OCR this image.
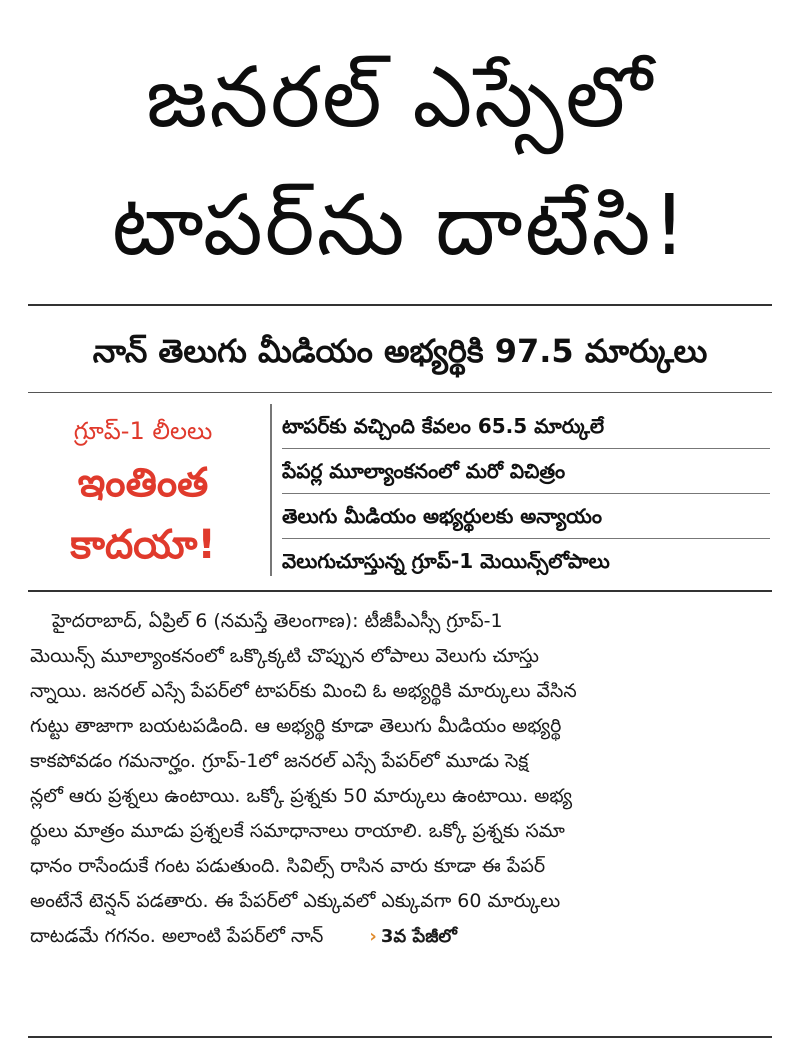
జనరల్ ఎస్సేలో
టాపర్‌ను దాటేసి!
నాన్ తెలుగు మీడియం అభ్యర్థికి 97.5 మార్కులు
గ్రూప్-1 లీలలు
ఇంతింత
కాదయా!
టాపర్‌కు వచ్చింది కేవలం 65.5 మార్కులే
పేపర్ల మూల్యాంకనంలో మరో విచిత్రం
తెలుగు మీడియం అభ్యర్థులకు అన్యాయం
వెలుగుచూస్తున్న గ్రూప్-1 మెయిన్స్‌లోపాలు
హైదరాబాద్, ఏప్రిల్ 6 (నమస్తే తెలంగాణ): టీజీపీఎస్సీ గ్రూప్-1
మెయిన్స్ మూల్యాంకనంలో ఒక్కొక్కటి చొప్పున లోపాలు వెలుగు చూస్తు
న్నాయి. జనరల్ ఎస్సే పేపర్‌లో టాపర్‌కు మించి ఓ అభ్యర్థికి మార్కులు వేసిన
గుట్టు తాజాగా బయటపడింది. ఆ అభ్యర్థి కూడా తెలుగు మీడియం అభ్యర్థి
కాకపోవడం గమనార్హం. గ్రూప్-1లో జనరల్ ఎస్సే పేపర్‌లో మూడు సెక్ష
న్లలో ఆరు ప్రశ్నలు ఉంటాయి. ఒక్కో ప్రశ్నకు 50 మార్కులు ఉంటాయి. అభ్య
ర్థులు మాత్రం మూడు ప్రశ్నలకే సమాధానాలు రాయాలి. ఒక్కో ప్రశ్నకు సమా
ధానం రాసేందుకే గంట పడుతుంది. సివిల్స్ రాసిన వారు కూడా ఈ పేపర్
అంటేనే టెన్షన్ పడతారు. ఈ పేపర్‌లో ఎక్కువలో ఎక్కువగా 60 మార్కులు
దాటడమే గగనం. అలాంటి పేపర్‌లో నాన్	› 3వ పేజీలో
